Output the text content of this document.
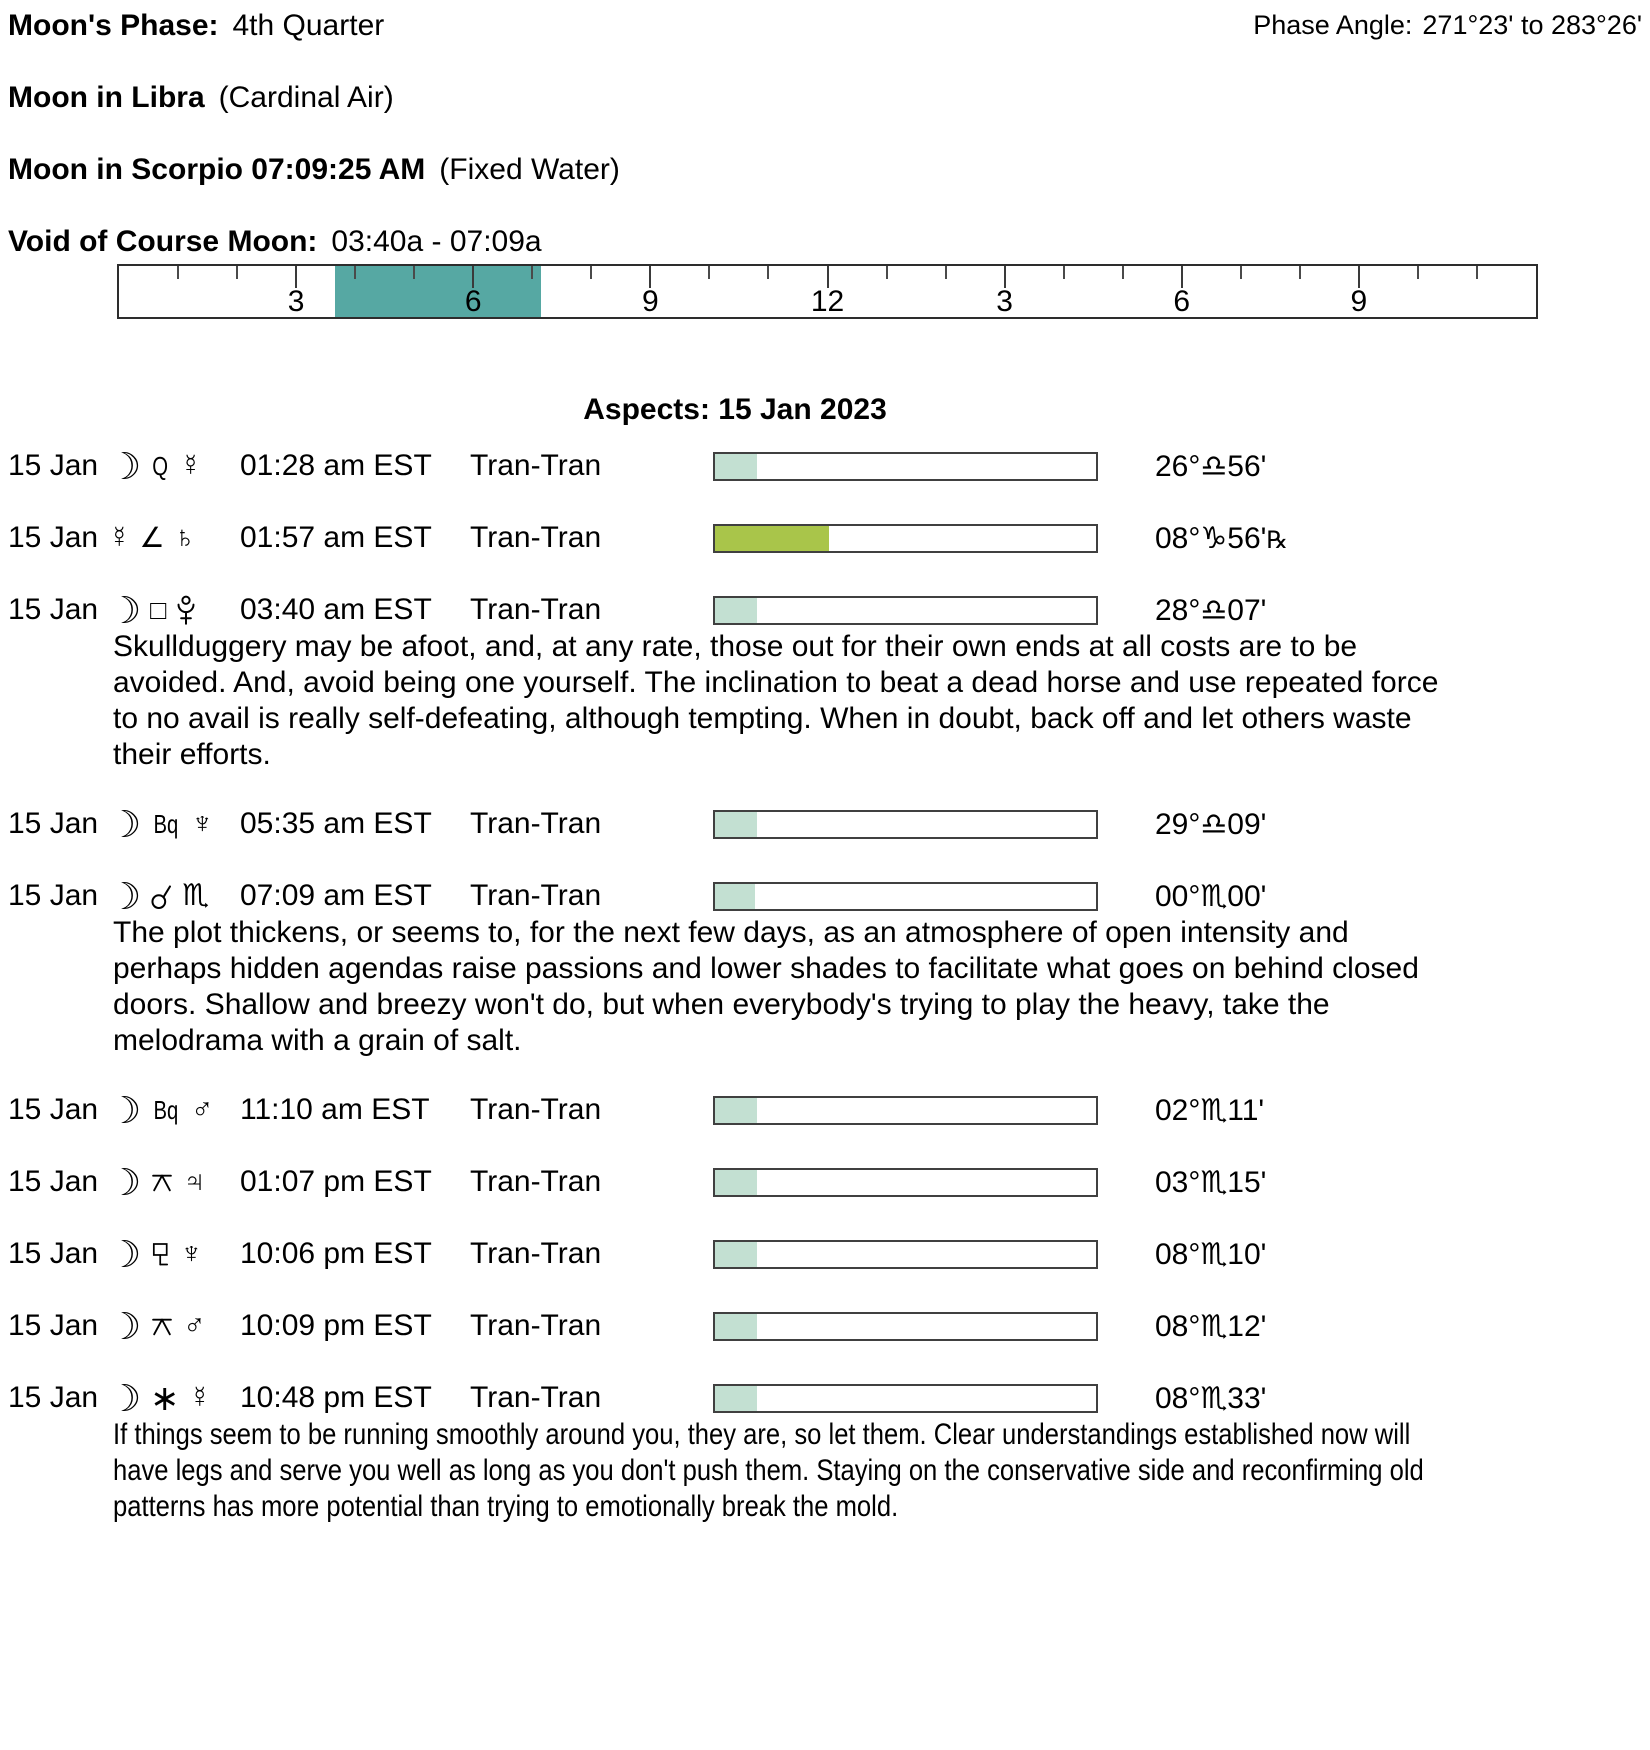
Phase Angle: 271°23' to 283°26'
Moon's Phase: 4th Quarter
Moon in Libra (Cardinal Air)
Moon in Scorpio 07:09:25 AM (Fixed Water)
Void of Course Moon: 03:40a - 07:09a
3	6	9	12	3	6	9
Aspects: 15 Jan 2023
15 Jan ☽ Q ☿ 01:28 am EST	Tran-Tran	26°♎56'
15 Jan ☿ ∠ ♄ 01:57 am EST	Tran-Tran	08°♑56'℞
15 Jan ☽ □ 03:40 am EST	Tran-Tran	28°♎07'
Skullduggery may be afoot, and, at any rate, those out for their own ends at all costs are to be avoided. And, avoid being one yourself. The inclination to beat a dead horse and use repeated force to no avail is really self-defeating, although tempting. When in doubt, back off and let others waste their efforts.
15 Jan ☽ Bq ♆ 05:35 am EST	Tran-Tran	29°♎09'
15 Jan ☽ ♏ 07:09 am EST	Tran-Tran	00°♏00'
The plot thickens, or seems to, for the next few days, as an atmosphere of open intensity and perhaps hidden agendas raise passions and lower shades to facilitate what goes on behind closed doors. Shallow and breezy won't do, but when everybody's trying to play the heavy, take the melodrama with a grain of salt.
15 Jan ☽ Bq ♂ 11:10 am EST	Tran-Tran	02°♏11'
15 Jan ☽ ♃ 01:07 pm EST	Tran-Tran	03°♏15'
15 Jan ☽ ♆ 10:06 pm EST	Tran-Tran	08°♏10'
15 Jan ☽ ♂ 10:09 pm EST	Tran-Tran	08°♏12'
15 Jan ☽ ∗ ☿ 10:48 pm EST	Tran-Tran	08°♏33'
If things seem to be running smoothly around you, they are, so let them. Clear understandings established now will have legs and serve you well as long as you don't push them. Staying on the conservative side and reconfirming old patterns has more potential than trying to emotionally break the mold.
